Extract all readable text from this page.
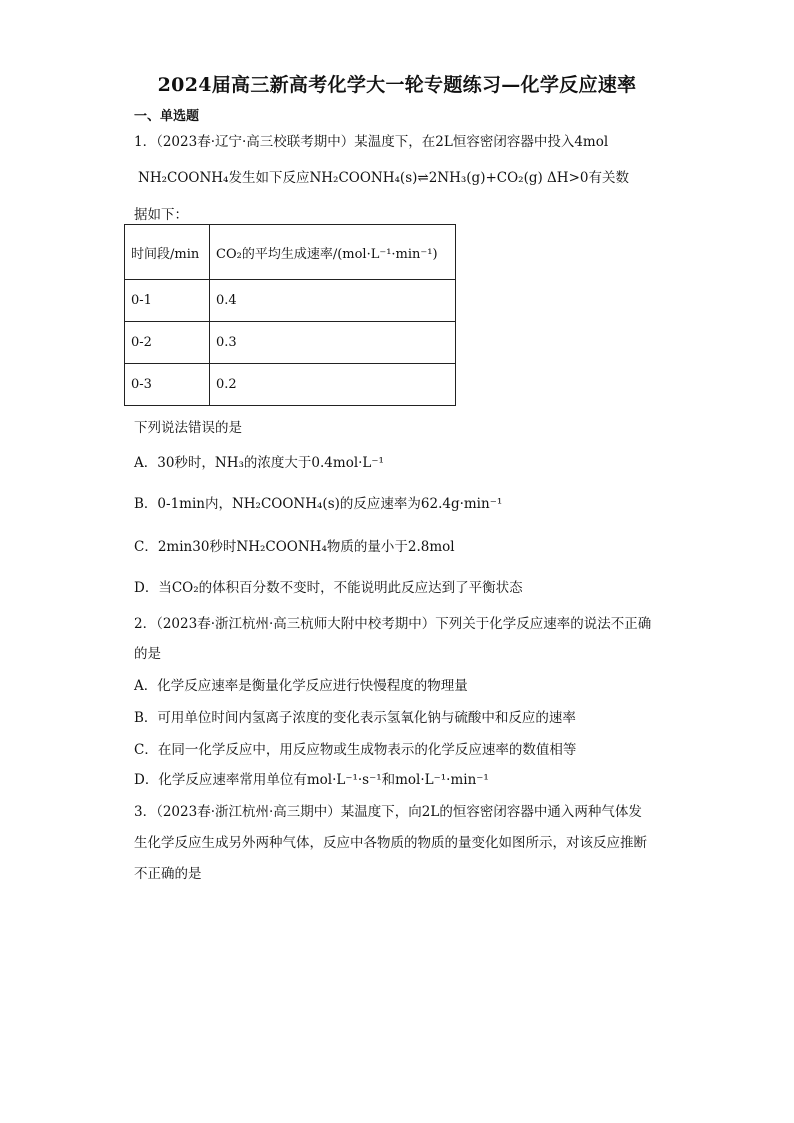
2024届高三新高考化学大一轮专题练习—化学反应速率
一、单选题
1．（2023春·辽宁·高三校联考期中）某温度下，在2L恒容密闭容器中投入4mol
NH₂COONH₄发生如下反应NH₂COONH₄(s)⇌2NH₃(g)+CO₂(g) ΔH>0有关数
据如下：
时间段/min	CO₂的平均生成速率/(mol·L⁻¹·min⁻¹)
0-1	0.4
0-2	0.3
0-3	0.2
下列说法错误的是
A．30秒时，NH₃的浓度大于0.4mol·L⁻¹
B．0-1min内，NH₂COONH₄(s)的反应速率为62.4g·min⁻¹
C．2min30秒时NH₂COONH₄物质的量小于2.8mol
D．当CO₂的体积百分数不变时，不能说明此反应达到了平衡状态
2．（2023春·浙江杭州·高三杭师大附中校考期中）下列关于化学反应速率的说法不正确
的是
A．化学反应速率是衡量化学反应进行快慢程度的物理量
B．可用单位时间内氢离子浓度的变化表示氢氧化钠与硫酸中和反应的速率
C．在同一化学反应中，用反应物或生成物表示的化学反应速率的数值相等
D．化学反应速率常用单位有mol·L⁻¹·s⁻¹和mol·L⁻¹·min⁻¹
3．（2023春·浙江杭州·高三期中）某温度下，向2L的恒容密闭容器中通入两种气体发
生化学反应生成另外两种气体，反应中各物质的物质的量变化如图所示，对该反应推断
不正确的是
